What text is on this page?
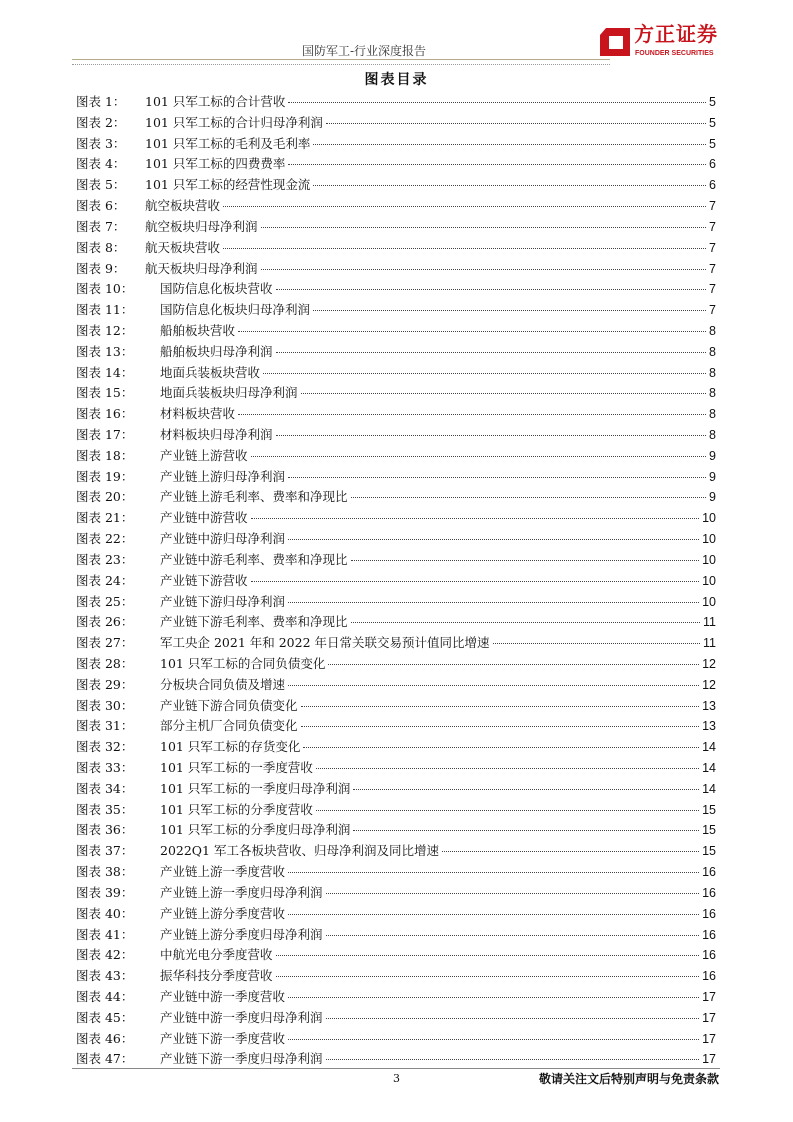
国防军工-行业深度报告
方正证券
FOUNDER SECURITIES
图表目录
图表 1：	101 只军工标的合计营收	5
图表 2：	101 只军工标的合计归母净利润	5
图表 3：	101 只军工标的毛利及毛利率	5
图表 4：	101 只军工标的四费费率	6
图表 5：	101 只军工标的经营性现金流	6
图表 6：	航空板块营收	7
图表 7：	航空板块归母净利润	7
图表 8：	航天板块营收	7
图表 9：	航天板块归母净利润	7
图表 10：	国防信息化板块营收	7
图表 11：	国防信息化板块归母净利润	7
图表 12：	船舶板块营收	8
图表 13：	船舶板块归母净利润	8
图表 14：	地面兵装板块营收	8
图表 15：	地面兵装板块归母净利润	8
图表 16：	材料板块营收	8
图表 17：	材料板块归母净利润	8
图表 18：	产业链上游营收	9
图表 19：	产业链上游归母净利润	9
图表 20：	产业链上游毛利率、费率和净现比	9
图表 21：	产业链中游营收	10
图表 22：	产业链中游归母净利润	10
图表 23：	产业链中游毛利率、费率和净现比	10
图表 24：	产业链下游营收	10
图表 25：	产业链下游归母净利润	10
图表 26：	产业链下游毛利率、费率和净现比	11
图表 27：	军工央企 2021 年和 2022 年日常关联交易预计值同比增速	11
图表 28：	101 只军工标的合同负债变化	12
图表 29：	分板块合同负债及增速	12
图表 30：	产业链下游合同负债变化	13
图表 31：	部分主机厂合同负债变化	13
图表 32：	101 只军工标的存货变化	14
图表 33：	101 只军工标的一季度营收	14
图表 34：	101 只军工标的一季度归母净利润	14
图表 35：	101 只军工标的分季度营收	15
图表 36：	101 只军工标的分季度归母净利润	15
图表 37：	2022Q1 军工各板块营收、归母净利润及同比增速	15
图表 38：	产业链上游一季度营收	16
图表 39：	产业链上游一季度归母净利润	16
图表 40：	产业链上游分季度营收	16
图表 41：	产业链上游分季度归母净利润	16
图表 42：	中航光电分季度营收	16
图表 43：	振华科技分季度营收	16
图表 44：	产业链中游一季度营收	17
图表 45：	产业链中游一季度归母净利润	17
图表 46：	产业链下游一季度营收	17
图表 47：	产业链下游一季度归母净利润	17
3	敬请关注文后特别声明与免责条款
